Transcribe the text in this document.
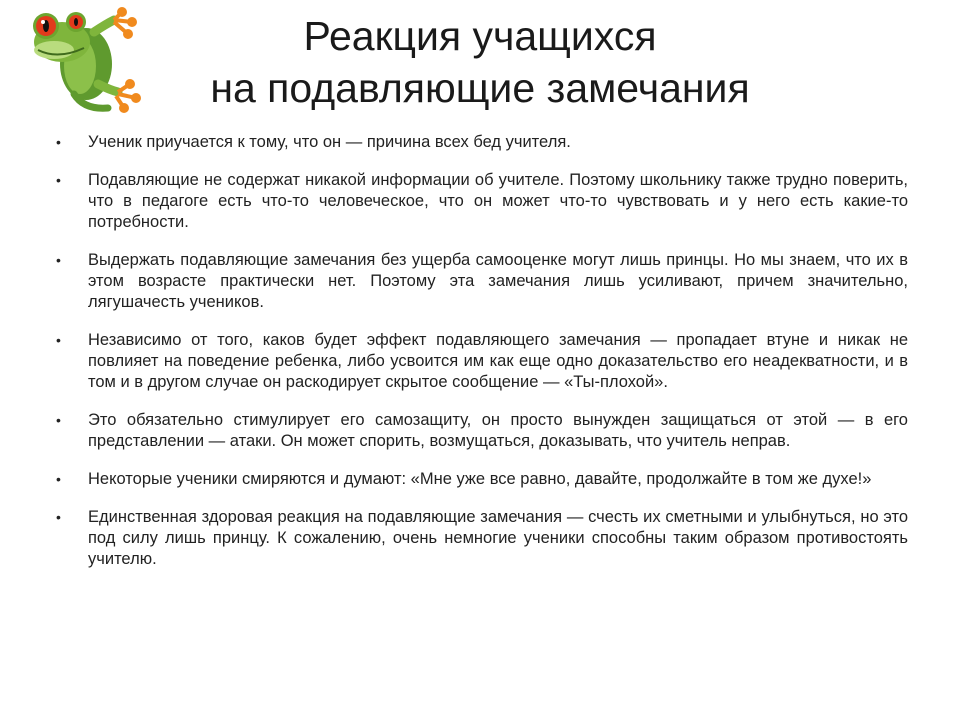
Реакция учащихся
на подавляющие замечания
• Ученик приучается к тому, что он — причина всех бед учителя.
• Подавляющие не содержат никакой информации об учителе. Поэтому школьнику также трудно поверить, что в педагоге есть что-то человеческое, что он может что-то чувствовать и у него есть какие-то потребности.
• Выдержать подавляющие замечания без ущерба самооценке могут лишь принцы. Но мы знаем, что их в этом возрасте практически нет. Поэтому эта замечания лишь усиливают, причем значительно, лягушачесть учеников.
• Независимо от того, каков будет эффект подавляющего замечания — пропадает втуне и никак не повлияет на поведение ребенка, либо усвоится им как еще одно доказательство его неадекватности, и в том и в другом случае он раскодирует скрытое сообщение — «Ты-плохой».
• Это обязательно стимулирует его самозащиту, он просто вынужден защищаться от этой — в его представлении — атаки. Он может спорить, возмущаться, доказывать, что учитель неправ.
• Некоторые ученики смиряются и думают: «Мне уже все равно, давайте, продолжайте в том же духе!»
• Единственная здоровая реакция на подавляющие замечания — счесть их сметными и улыбнуться, но это под силу лишь принцу. К сожалению, очень немногие ученики способны таким образом противостоять учителю.
